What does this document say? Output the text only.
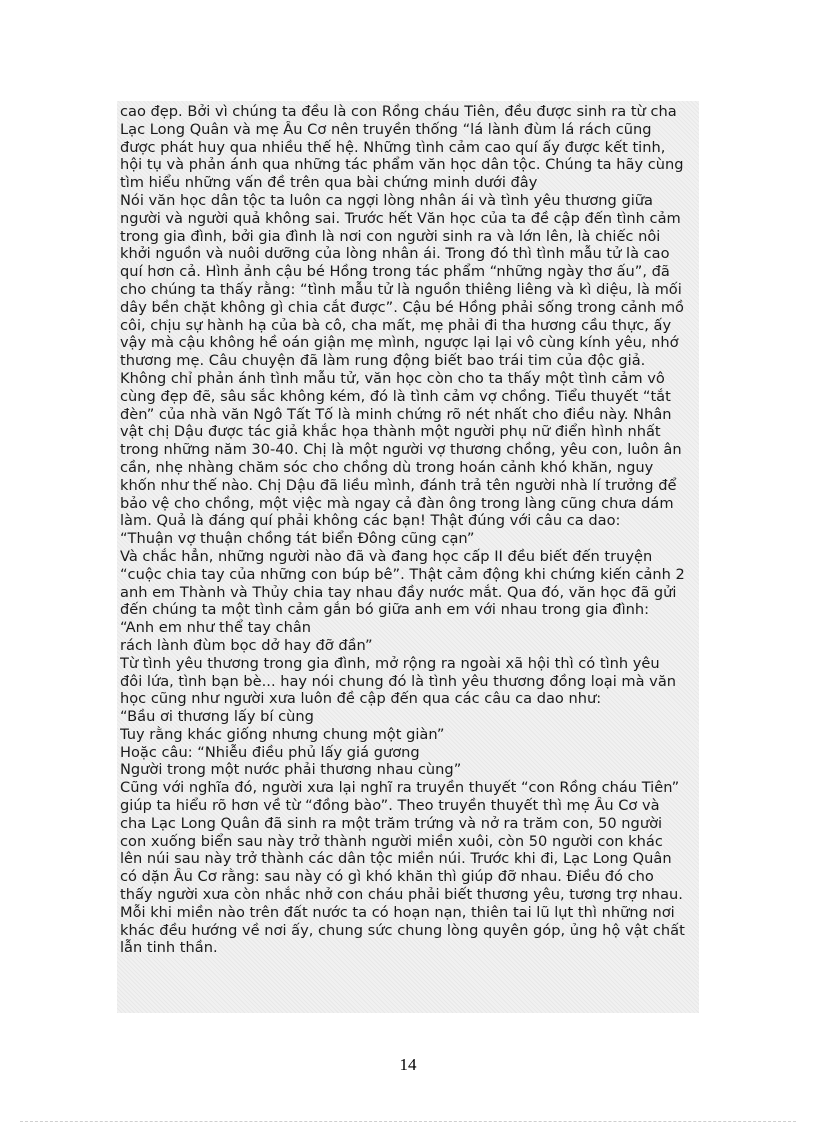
cao đẹp. Bởi vì chúng ta đều là con Rồng cháu Tiên, đều được sinh ra từ cha
Lạc Long Quân và mẹ Âu Cơ nên truyền thống “lá lành đùm lá rách cũng
được phát huy qua nhiều thế hệ. Những tình cảm cao quí ấy được kết tinh,
hội tụ và phản ánh qua những tác phẩm văn học dân tộc. Chúng ta hãy cùng
tìm hiểu những vấn đề trên qua bài chứng minh dưới đây
Nói văn học dân tộc ta luôn ca ngợi lòng nhân ái và tình yêu thương giữa
người và người quả không sai. Trước hết Văn học của ta đề cập đến tình cảm
trong gia đình, bởi gia đình là nơi con người sinh ra và lớn lên, là chiếc nôi
khởi nguồn và nuôi dưỡng của lòng nhân ái. Trong đó thì tình mẫu tử là cao
quí hơn cả. Hình ảnh cậu bé Hồng trong tác phẩm “những ngày thơ ấu”, đã
cho chúng ta thấy rằng: “tình mẫu tử là nguồn thiêng liêng và kì diệu, là mối
dây bền chặt không gì chia cắt được”. Cậu bé Hồng phải sống trong cảnh mồ
côi, chịu sự hành hạ của bà cô, cha mất, mẹ phải đi tha hương cầu thực, ấy
vậy mà cậu không hề oán giận mẹ mình, ngược lại lại vô cùng kính yêu, nhớ
thương mẹ. Câu chuyện đã làm rung động biết bao trái tim của độc giả.
Không chỉ phản ánh tình mẫu tử, văn học còn cho ta thấy một tình cảm vô
cùng đẹp đẽ, sâu sắc không kém, đó là tình cảm vợ chồng. Tiểu thuyết “tắt
đèn” của nhà văn Ngô Tất Tố là minh chứng rõ nét nhất cho điều này. Nhân
vật chị Dậu được tác giả khắc họa thành một người phụ nữ điển hình nhất
trong những năm 30-40. Chị là một người vợ thương chồng, yêu con, luôn ân
cần, nhẹ nhàng chăm sóc cho chồng dù trong hoán cảnh khó khăn, nguy
khốn như thế nào. Chị Dậu đã liều mình, đánh trả tên người nhà lí trưởng để
bảo vệ cho chồng, một việc mà ngay cả đàn ông trong làng cũng chưa dám
làm. Quả là đáng quí phải không các bạn! Thật đúng với câu ca dao:
“Thuận vợ thuận chồng tát biển Đông cũng cạn”
Và chắc hẳn, những người nào đã và đang học cấp II đều biết đến truyện
“cuộc chia tay của những con búp bê”. Thật cảm động khi chứng kiến cảnh 2
anh em Thành và Thủy chia tay nhau đầy nước mắt. Qua đó, văn học đã gửi
đến chúng ta một tình cảm gắn bó giữa anh em với nhau trong gia đình:
“Anh em như thể tay chân
rách lành đùm bọc dở hay đỡ đần”
Từ tình yêu thương trong gia đình, mở rộng ra ngoài xã hội thì có tình yêu
đôi lứa, tình bạn bè... hay nói chung đó là tình yêu thương đồng loại mà văn
học cũng như người xưa luôn đề cập đến qua các câu ca dao như:
“Bầu ơi thương lấy bí cùng
Tuy rằng khác giống nhưng chung một giàn”
Hoặc câu: “Nhiễu điều phủ lấy giá gương
Người trong một nước phải thương nhau cùng”
Cũng với nghĩa đó, người xưa lại nghĩ ra truyền thuyết “con Rồng cháu Tiên”
giúp ta hiểu rõ hơn về từ “đồng bào”. Theo truyền thuyết thì mẹ Âu Cơ và
cha Lạc Long Quân đã sinh ra một trăm trứng và nở ra trăm con, 50 người
con xuống biển sau này trở thành người miền xuôi, còn 50 người con khác
lên núi sau này trở thành các dân tộc miền núi. Trước khi đi, Lạc Long Quân
có dặn Âu Cơ rằng: sau này có gì khó khăn thì giúp đỡ nhau. Điều đó cho
thấy người xưa còn nhắc nhở con cháu phải biết thương yêu, tương trợ nhau.
Mỗi khi miền nào trên đất nước ta có hoạn nạn, thiên tai lũ lụt thì những nơi
khác đều hướng về nơi ấy, chung sức chung lòng quyên góp, ủng hộ vật chất
lẫn tinh thần.
14
